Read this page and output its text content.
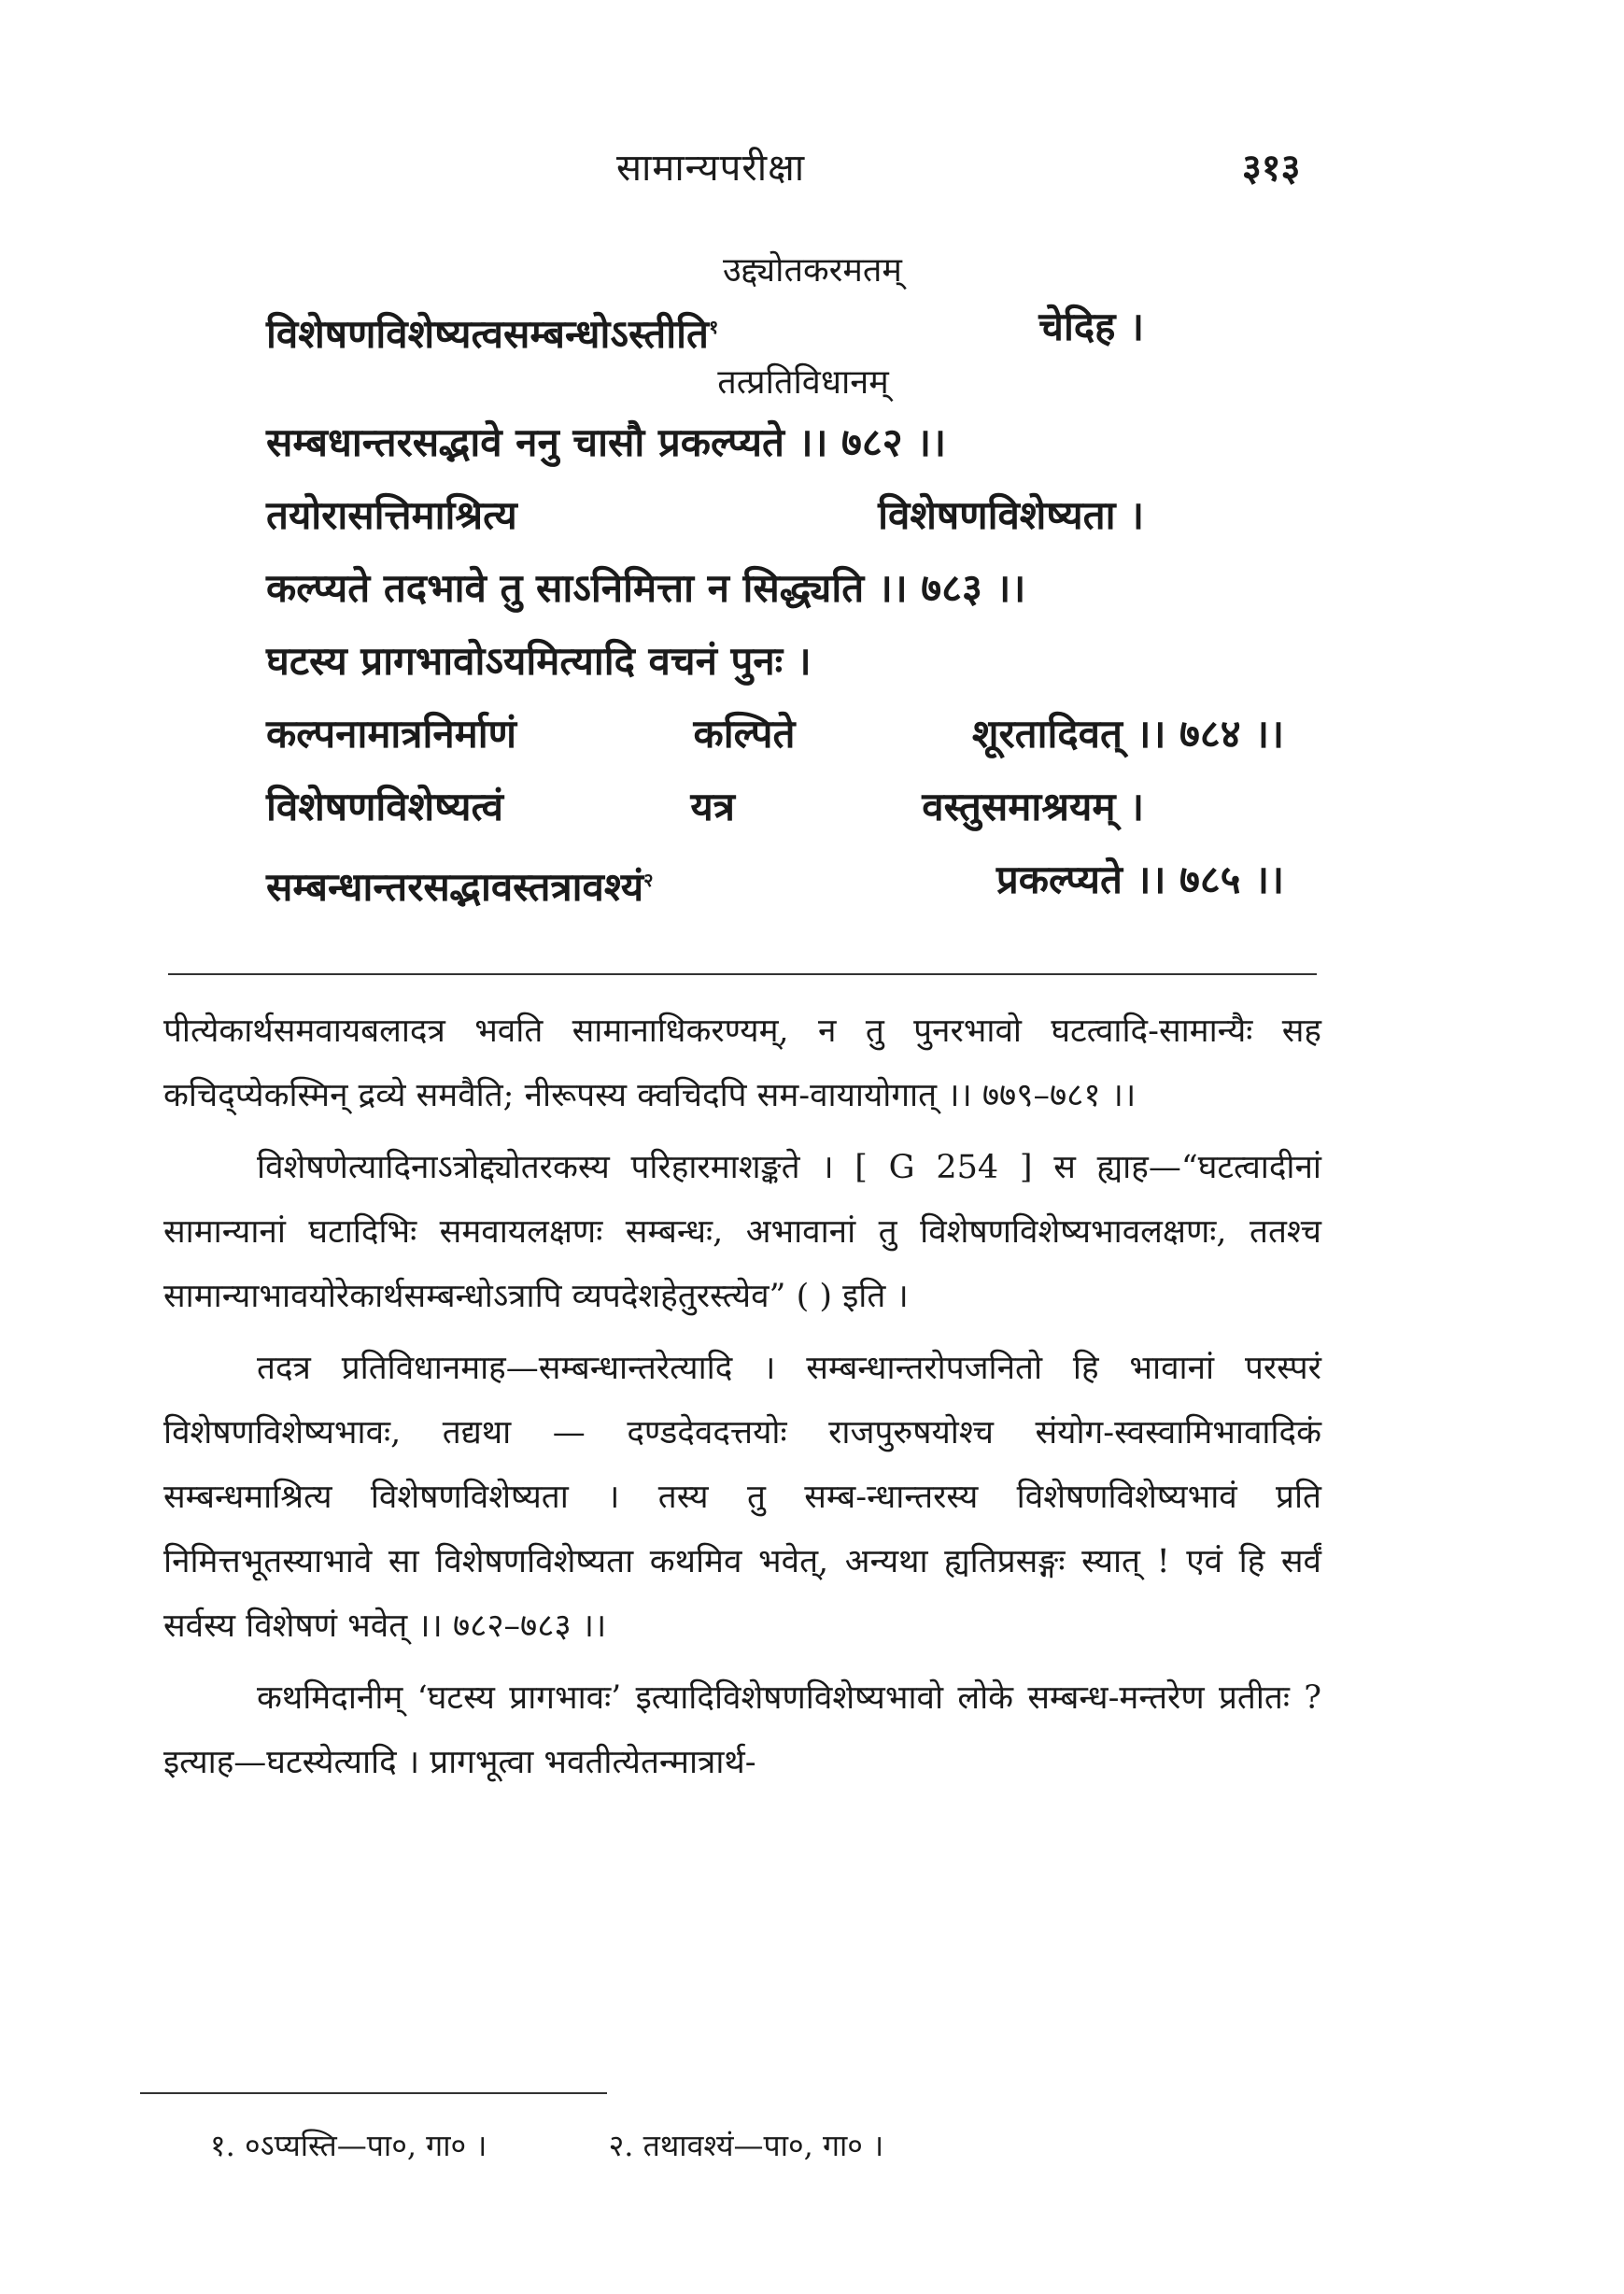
सामान्यपरीक्षा	३१३
उद्द्योतकरमतम्
विशेषणविशेष्यत्वसम्बन्धोऽस्तीति$^१$	चेदिह ।
तत्प्रतिविधानम्
सम्बधान्तरसद्भावे ननु चासौ प्रकल्प्यते ।। ७८२ ।।
तयोरासत्तिमाश्रित्य	विशेषणविशेष्यता ।
कल्प्यते तदभावे तु साऽनिमित्ता न सिद्ध्यति ।। ७८३ ।।
घटस्य प्रागभावोऽयमित्यादि वचनं पुनः ।
कल्पनामात्रनिर्माणं	कल्पिते	शूरतादिवत् ।। ७८४ ।।
विशेषणविशेष्यत्वं	यत्र	वस्तुसमाश्रयम् ।
सम्बन्धान्तरसद्भावस्तत्रावश्यं$^२$	प्रकल्प्यते ।। ७८५ ।।

पीत्येकार्थसमवायबलादत्र भवति सामानाधिकरण्यम्, न तु पुनरभावो घटत्वादि-सामान्यैः सह कचिद्प्येकस्मिन् द्रव्ये समवैति; नीरूपस्य क्वचिदपि सम-वायायोगात् ।। ७७९–७८१ ।।

विशेषणेत्यादिनाऽत्रोद्द्योतरकस्य परिहारमाशङ्कते । [ G 254 ] स ह्याह—“घटत्वादीनां सामान्यानां घटादिभिः समवायलक्षणः सम्बन्धः, अभावानां तु विशेषणविशेष्यभावलक्षणः, ततश्च सामान्याभावयोरेकार्थसम्बन्धोऽत्रापि व्यपदेशहेतुरस्त्येव” ( ) इति ।

तदत्र प्रतिविधानमाह—सम्बन्धान्तरेत्यादि । सम्बन्धान्तरोपजनितो हि भावानां परस्परं विशेषणविशेष्यभावः, तद्यथा — दण्डदेवदत्तयोः राजपुरुषयोश्च संयोग-स्वस्वामिभावादिकं सम्बन्धमाश्रित्य विशेषणविशेष्यता । तस्य तु सम्ब-न्धान्तरस्य विशेषणविशेष्यभावं प्रति निमित्तभूतस्याभावे सा विशेषणविशेष्यता कथमिव भवेत्, अन्यथा ह्यतिप्रसङ्गः स्यात् ! एवं हि सर्वं सर्वस्य विशेषणं भवेत् ।। ७८२–७८३ ।।

कथमिदानीम् ‘घटस्य प्रागभावः’ इत्यादिविशेषणविशेष्यभावो लोके सम्बन्ध-मन्तरेण प्रतीतः ? इत्याह—घटस्येत्यादि । प्रागभूत्वा भवतीत्येतन्मात्रार्थ-

१. ०ऽप्यस्ति—पा०, गा० ।	२. तथावश्यं—पा०, गा० ।
